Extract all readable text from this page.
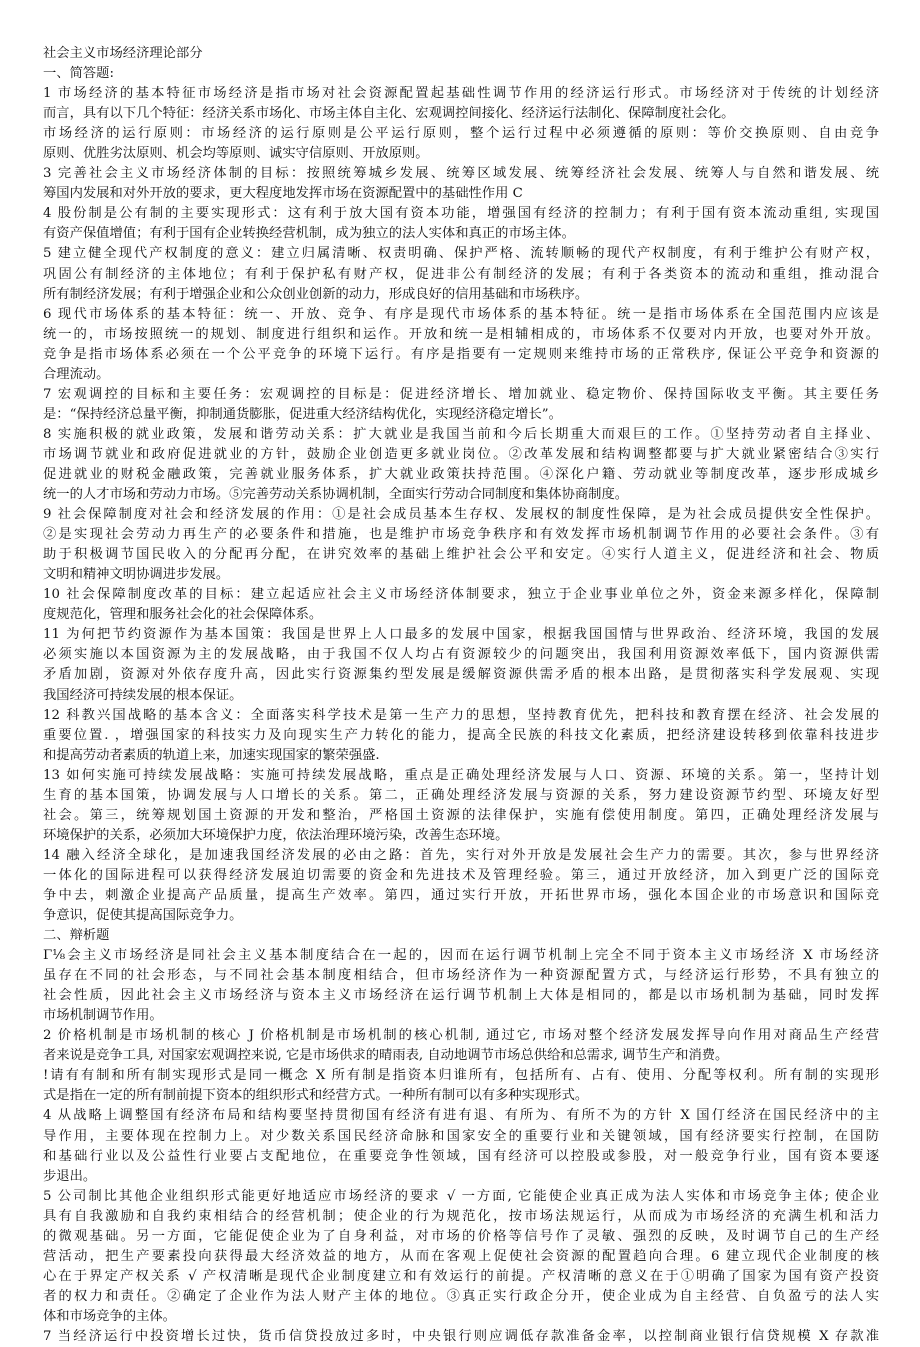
社会主义市场经济理论部分
一、简答题:
1 市场经济的基本特征市场经济是指市场对社会资源配置起基础性调节作用的经济运行形式。市场经济对于传统的计划经济
而言，具有以下几个特征：经济关系市场化、市场主体自主化、宏观调控间接化、经济运行法制化、保障制度社会化。
市场经济的运行原则：市场经济的运行原则是公平运行原则，整个运行过程中必须遵循的原则：等价交换原则、自由竞争
原则、优胜劣汰原则、机会均等原则、诚实守信原则、开放原则。
3 完善社会主义市场经济体制的目标：按照统筹城乡发展、统筹区域发展、统筹经济社会发展、统筹人与自然和谐发展、统
筹国内发展和对外开放的要求，更大程度地发挥市场在资源配置中的基础性作用 C
4 股份制是公有制的主要实现形式：这有利于放大国有资本功能，增强国有经济的控制力；有利于国有资本流动重组, 实现国
有资产保值增值；有利于国有企业转换经营机制，成为独立的法人实体和真正的市场主体。
5 建立健全现代产权制度的意义：建立归属清晰、权责明确、保护严格、流转顺畅的现代产权制度，有利于维护公有财产权，
巩固公有制经济的主体地位；有利于保护私有财产权，促进非公有制经济的发展；有利于各类资本的流动和重组，推动混合
所有制经济发展；有利于增强企业和公众创业创新的动力，形成良好的信用基础和市场秩序。
6 现代市场体系的基本特征：统一、开放、竞争、有序是现代市场体系的基本特征。统一是指市场体系在全国范围内应该是
统一的，市场按照统一的规划、制度进行组织和运作。开放和统一是相辅相成的，市场体系不仅要对内开放，也要对外开放。
竞争是指市场体系必须在一个公平竞争的环境下运行。有序是指要有一定规则来维持市场的正常秩序, 保证公平竞争和资源的
合理流动。
7 宏观调控的目标和主要任务：宏观调控的目标是：促进经济增长、增加就业、稳定物价、保持国际收支平衡。其主要任务
是：“保持经济总量平衡，抑制通货膨胀，促进重大经济结构优化，实现经济稳定增长”。
8 实施积极的就业政策，发展和谐劳动关系：扩大就业是我国当前和今后长期重大而艰巨的工作。①坚持劳动者自主择业、
市场调节就业和政府促进就业的方针，鼓励企业创造更多就业岗位。②改革发展和结构调整都要与扩大就业紧密结合③实行
促进就业的财税金融政策，完善就业服务体系，扩大就业政策扶持范围。④深化户籍、劳动就业等制度改革，逐步形成城乡
统一的人才市场和劳动力市场。⑤完善劳动关系协调机制，全面实行劳动合同制度和集体协商制度。
9 社会保障制度对社会和经济发展的作用：①是社会成员基本生存权、发展权的制度性保障，是为社会成员提供安全性保护。
②是实现社会劳动力再生产的必要条件和措施，也是维护市场竞争秩序和有效发挥市场机制调节作用的必要社会条件。③有
助于积极调节国民收入的分配再分配，在讲究效率的基础上维护社会公平和安定。④实行人道主义，促进经济和社会、物质
文明和精神文明协调进步发展。
10 社会保障制度改革的目标：建立起适应社会主义市场经济体制要求，独立于企业事业单位之外，资金来源多样化，保障制
度规范化，管理和服务社会化的社会保障体系。
11 为何把节约资源作为基本国策：我国是世界上人口最多的发展中国家，根据我国国情与世界政治、经济环境，我国的发展
必须实施以本国资源为主的发展战略，由于我国不仅人均占有资源较少的问题突出，我国利用资源效率低下，国内资源供需
矛盾加剧，资源对外依存度升高，因此实行资源集约型发展是缓解资源供需矛盾的根本出路，是贯彻落实科学发展观、实现
我国经济可持续发展的根本保证。
12 科教兴国战略的基本含义：全面落实科学技术是第一生产力的思想，坚持教育优先，把科技和教育摆在经济、社会发展的
重要位置. ，增强国家的科技实力及向现实生产力转化的能力，提高全民族的科技文化素质，把经济建设转移到依靠科技进步
和提高劳动者素质的轨道上来，加速实现国家的繁荣强盛.
13 如何实施可持续发展战略：实施可持续发展战略，重点是正确处理经济发展与人口、资源、环境的关系。第一，坚持计划
生育的基本国策，协调发展与人口增长的关系。第二，正确处理经济发展与资源的关系，努力建设资源节约型、环境友好型
社会。第三，统筹规划国土资源的开发和整治，严格国土资源的法律保护，实施有偿使用制度。第四，正确处理经济发展与
环境保护的关系，必须加大环境保护力度，依法治理环境污染，改善生态环境。
14 融入经济全球化，是加速我国经济发展的必由之路：首先，实行对外开放是发展社会生产力的需要。其次，参与世界经济
一体化的国际进程可以获得经济发展迫切需要的资金和先进技术及管理经验。第三，通过开放经济，加入到更广泛的国际竞
争中去，刺激企业提高产品质量，提高生产效率。第四，通过实行开放，开拓世界市场，强化本国企业的市场意识和国际竞
争意识，促使其提高国际竞争力。
二、辩析题
Γ⅛会主义市场经济是同社会主义基本制度结合在一起的，因而在运行调节机制上完全不同于资本主义市场经济 X 市场经济
虽存在不同的社会形态，与不同社会基本制度相结合，但市场经济作为一种资源配置方式，与经济运行形势，不具有独立的
社会性质，因此社会主义市场经济与资本主义市场经济在运行调节机制上大体是相同的，都是以市场机制为基础，同时发挥
市场机制调节作用。
2 价格机制是市场机制的核心 J 价格机制是市场机制的核心机制, 通过它, 市场对整个经济发展发挥导向作用对商品生产经营
者来说是竞争工具, 对国家宏观调控来说, 它是市场供求的晴雨表, 自动地调节市场总供给和总需求, 调节生产和消费。
!请有有制和所有制实现形式是同一概念 X 所有制是指资本归谁所有，包括所有、占有、使用、分配等权利。所有制的实现形
式是指在一定的所有制前提下资本的组织形式和经营方式。一种所有制可以有多种实现形式。
4 从战略上调整国有经济布局和结构要坚持贯彻国有经济有进有退、有所为、有所不为的方针 X 国仃经济在国民经济中的主
导作用，主要体现在控制力上。对少数关系国民经济命脉和国家安全的重要行业和关键领域，国有经济要实行控制，在国防
和基础行业以及公益性行业要占支配地位，在重要竞争性领域，国有经济可以控股或参股，对一般竞争行业，国有资本要逐
步退出。
5 公司制比其他企业组织形式能更好地适应市场经济的要求 √ 一方面, 它能使企业真正成为法人实体和市场竞争主体; 使企业
具有自我激励和自我约束相结合的经营机制；使企业的行为规范化，按市场法规运行，从而成为市场经济的充满生机和活力
的微观基础。另一方面，它能促使企业为了自身利益，对市场的价格等信号作了灵敏、强烈的反映，及时调节自己的生产经
营活动，把生产要素投向获得最大经济效益的地方，从而在客观上促使社会资源的配置趋向合理。6 建立现代企业制度的核
心在于界定产权关系 √ 产权清晰是现代企业制度建立和有效运行的前提。产权清晰的意义在于①明确了国家为国有资产投资
者的权力和责任。②确定了企业作为法人财产主体的地位。③真正实行政企分开，使企业成为自主经营、自负盈亏的法人实
体和市场竞争的主体。
7 当经济运行中投资增长过快，货币信贷投放过多时，中央银行则应调低存款准备金率，以控制商业银行信贷规模 X 存款准
